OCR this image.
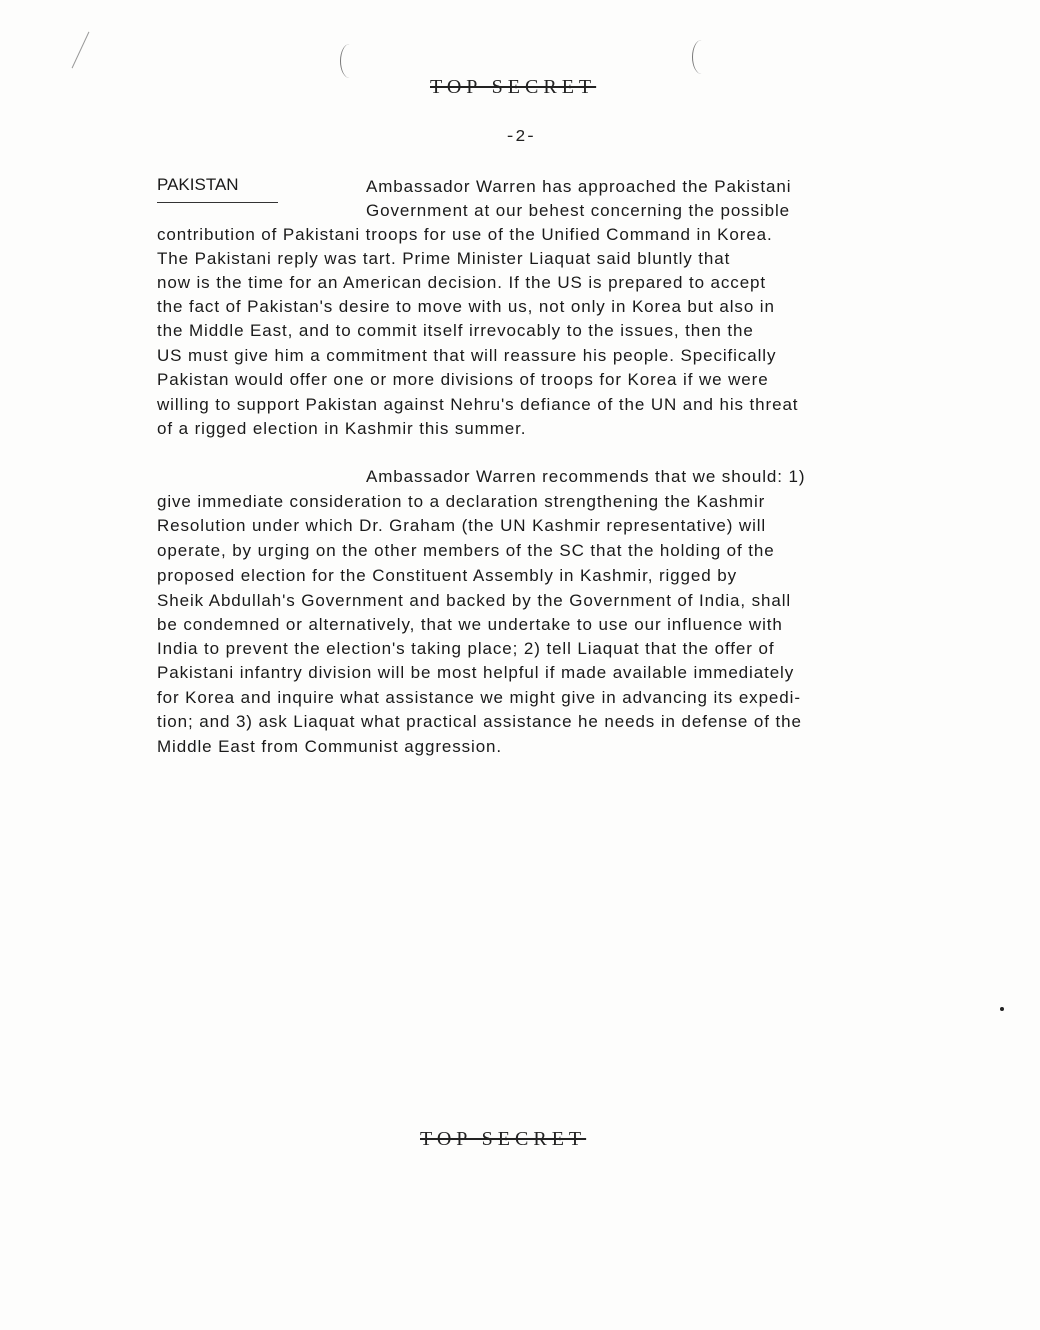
TOP SECRET
-2-
PAKISTAN	Ambassador Warren has approached the Pakistani
Government at our behest concerning the possible
contribution of Pakistani troops for use of the Unified Command in Korea.
The Pakistani reply was tart. Prime Minister Liaquat said bluntly that
now is the time for an American decision. If the US is prepared to accept
the fact of Pakistan's desire to move with us, not only in Korea but also in
the Middle East, and to commit itself irrevocably to the issues, then the
US must give him a commitment that will reassure his people. Specifically
Pakistan would offer one or more divisions of troops for Korea if we were
willing to support Pakistan against Nehru's defiance of the UN and his threat
of a rigged election in Kashmir this summer.
Ambassador Warren recommends that we should: 1)
give immediate consideration to a declaration strengthening the Kashmir
Resolution under which Dr. Graham (the UN Kashmir representative) will
operate, by urging on the other members of the SC that the holding of the
proposed election for the Constituent Assembly in Kashmir, rigged by
Sheik Abdullah's Government and backed by the Government of India, shall
be condemned or alternatively, that we undertake to use our influence with
India to prevent the election's taking place; 2) tell Liaquat that the offer of
Pakistani infantry division will be most helpful if made available immediately
for Korea and inquire what assistance we might give in advancing its expedi-
tion; and 3) ask Liaquat what practical assistance he needs in defense of the
Middle East from Communist aggression.
TOP SECRET
